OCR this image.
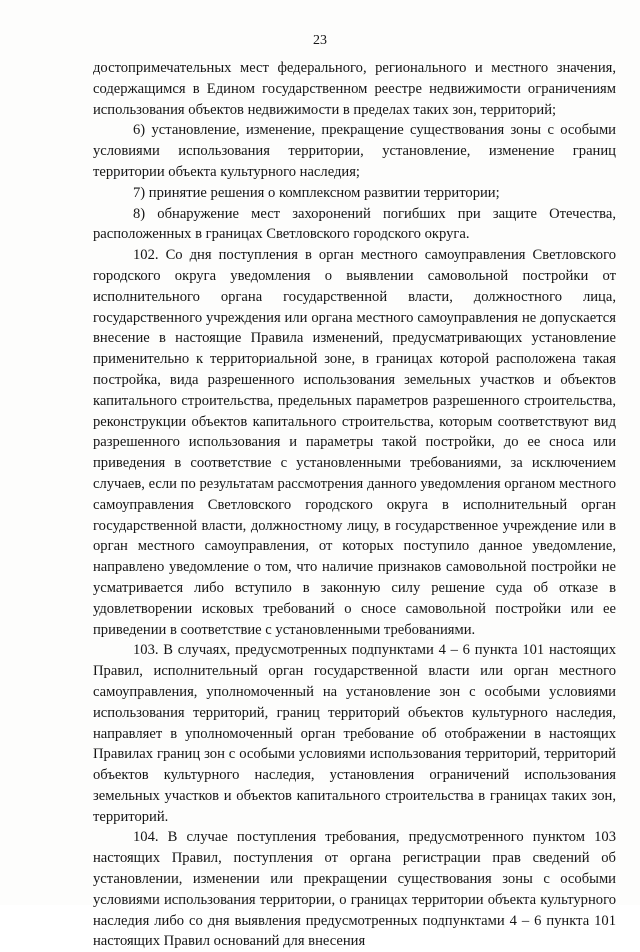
23

достопримечательных мест федерального, регионального и местного значения, содержащимся в Едином государственном реестре недвижимости ограничениям использования объектов недвижимости в пределах таких зон, территорий;

6) установление, изменение, прекращение существования зоны с особыми условиями использования территории, установление, изменение границ территории объекта культурного наследия;

7) принятие решения о комплексном развитии территории;

8) обнаружение мест захоронений погибших при защите Отечества, расположенных в границах Светловского городского округа.

102. Со дня поступления в орган местного самоуправления Светловского городского округа уведомления о выявлении самовольной постройки от исполнительного органа государственной власти, должностного лица, государственного учреждения или органа местного самоуправления не допускается внесение в настоящие Правила изменений, предусматривающих установление применительно к территориальной зоне, в границах которой расположена такая постройка, вида разрешенного использования земельных участков и объектов капитального строительства, предельных параметров разрешенного строительства, реконструкции объектов капитального строительства, которым соответствуют вид разрешенного использования и параметры такой постройки, до ее сноса или приведения в соответствие с установленными требованиями, за исключением случаев, если по результатам рассмотрения данного уведомления органом местного самоуправления Светловского городского округа в исполнительный орган государственной власти, должностному лицу, в государственное учреждение или в орган местного самоуправления, от которых поступило данное уведомление, направлено уведомление о том, что наличие признаков самовольной постройки не усматривается либо вступило в законную силу решение суда об отказе в удовлетворении исковых требований о сносе самовольной постройки или ее приведении в соответствие с установленными требованиями.

103. В случаях, предусмотренных подпунктами 4 – 6 пункта 101 настоящих Правил, исполнительный орган государственной власти или орган местного самоуправления, уполномоченный на установление зон с особыми условиями использования территорий, границ территорий объектов культурного наследия, направляет в уполномоченный орган требование об отображении в настоящих Правилах границ зон с особыми условиями использования территорий, территорий объектов культурного наследия, установления ограничений использования земельных участков и объектов капитального строительства в границах таких зон, территорий.

104. В случае поступления требования, предусмотренного пунктом 103 настоящих Правил, поступления от органа регистрации прав сведений об установлении, изменении или прекращении существования зоны с особыми условиями использования территории, о границах территории объекта культурного наследия либо со дня выявления предусмотренных подпунктами 4 – 6 пункта 101 настоящих Правил оснований для внесения
